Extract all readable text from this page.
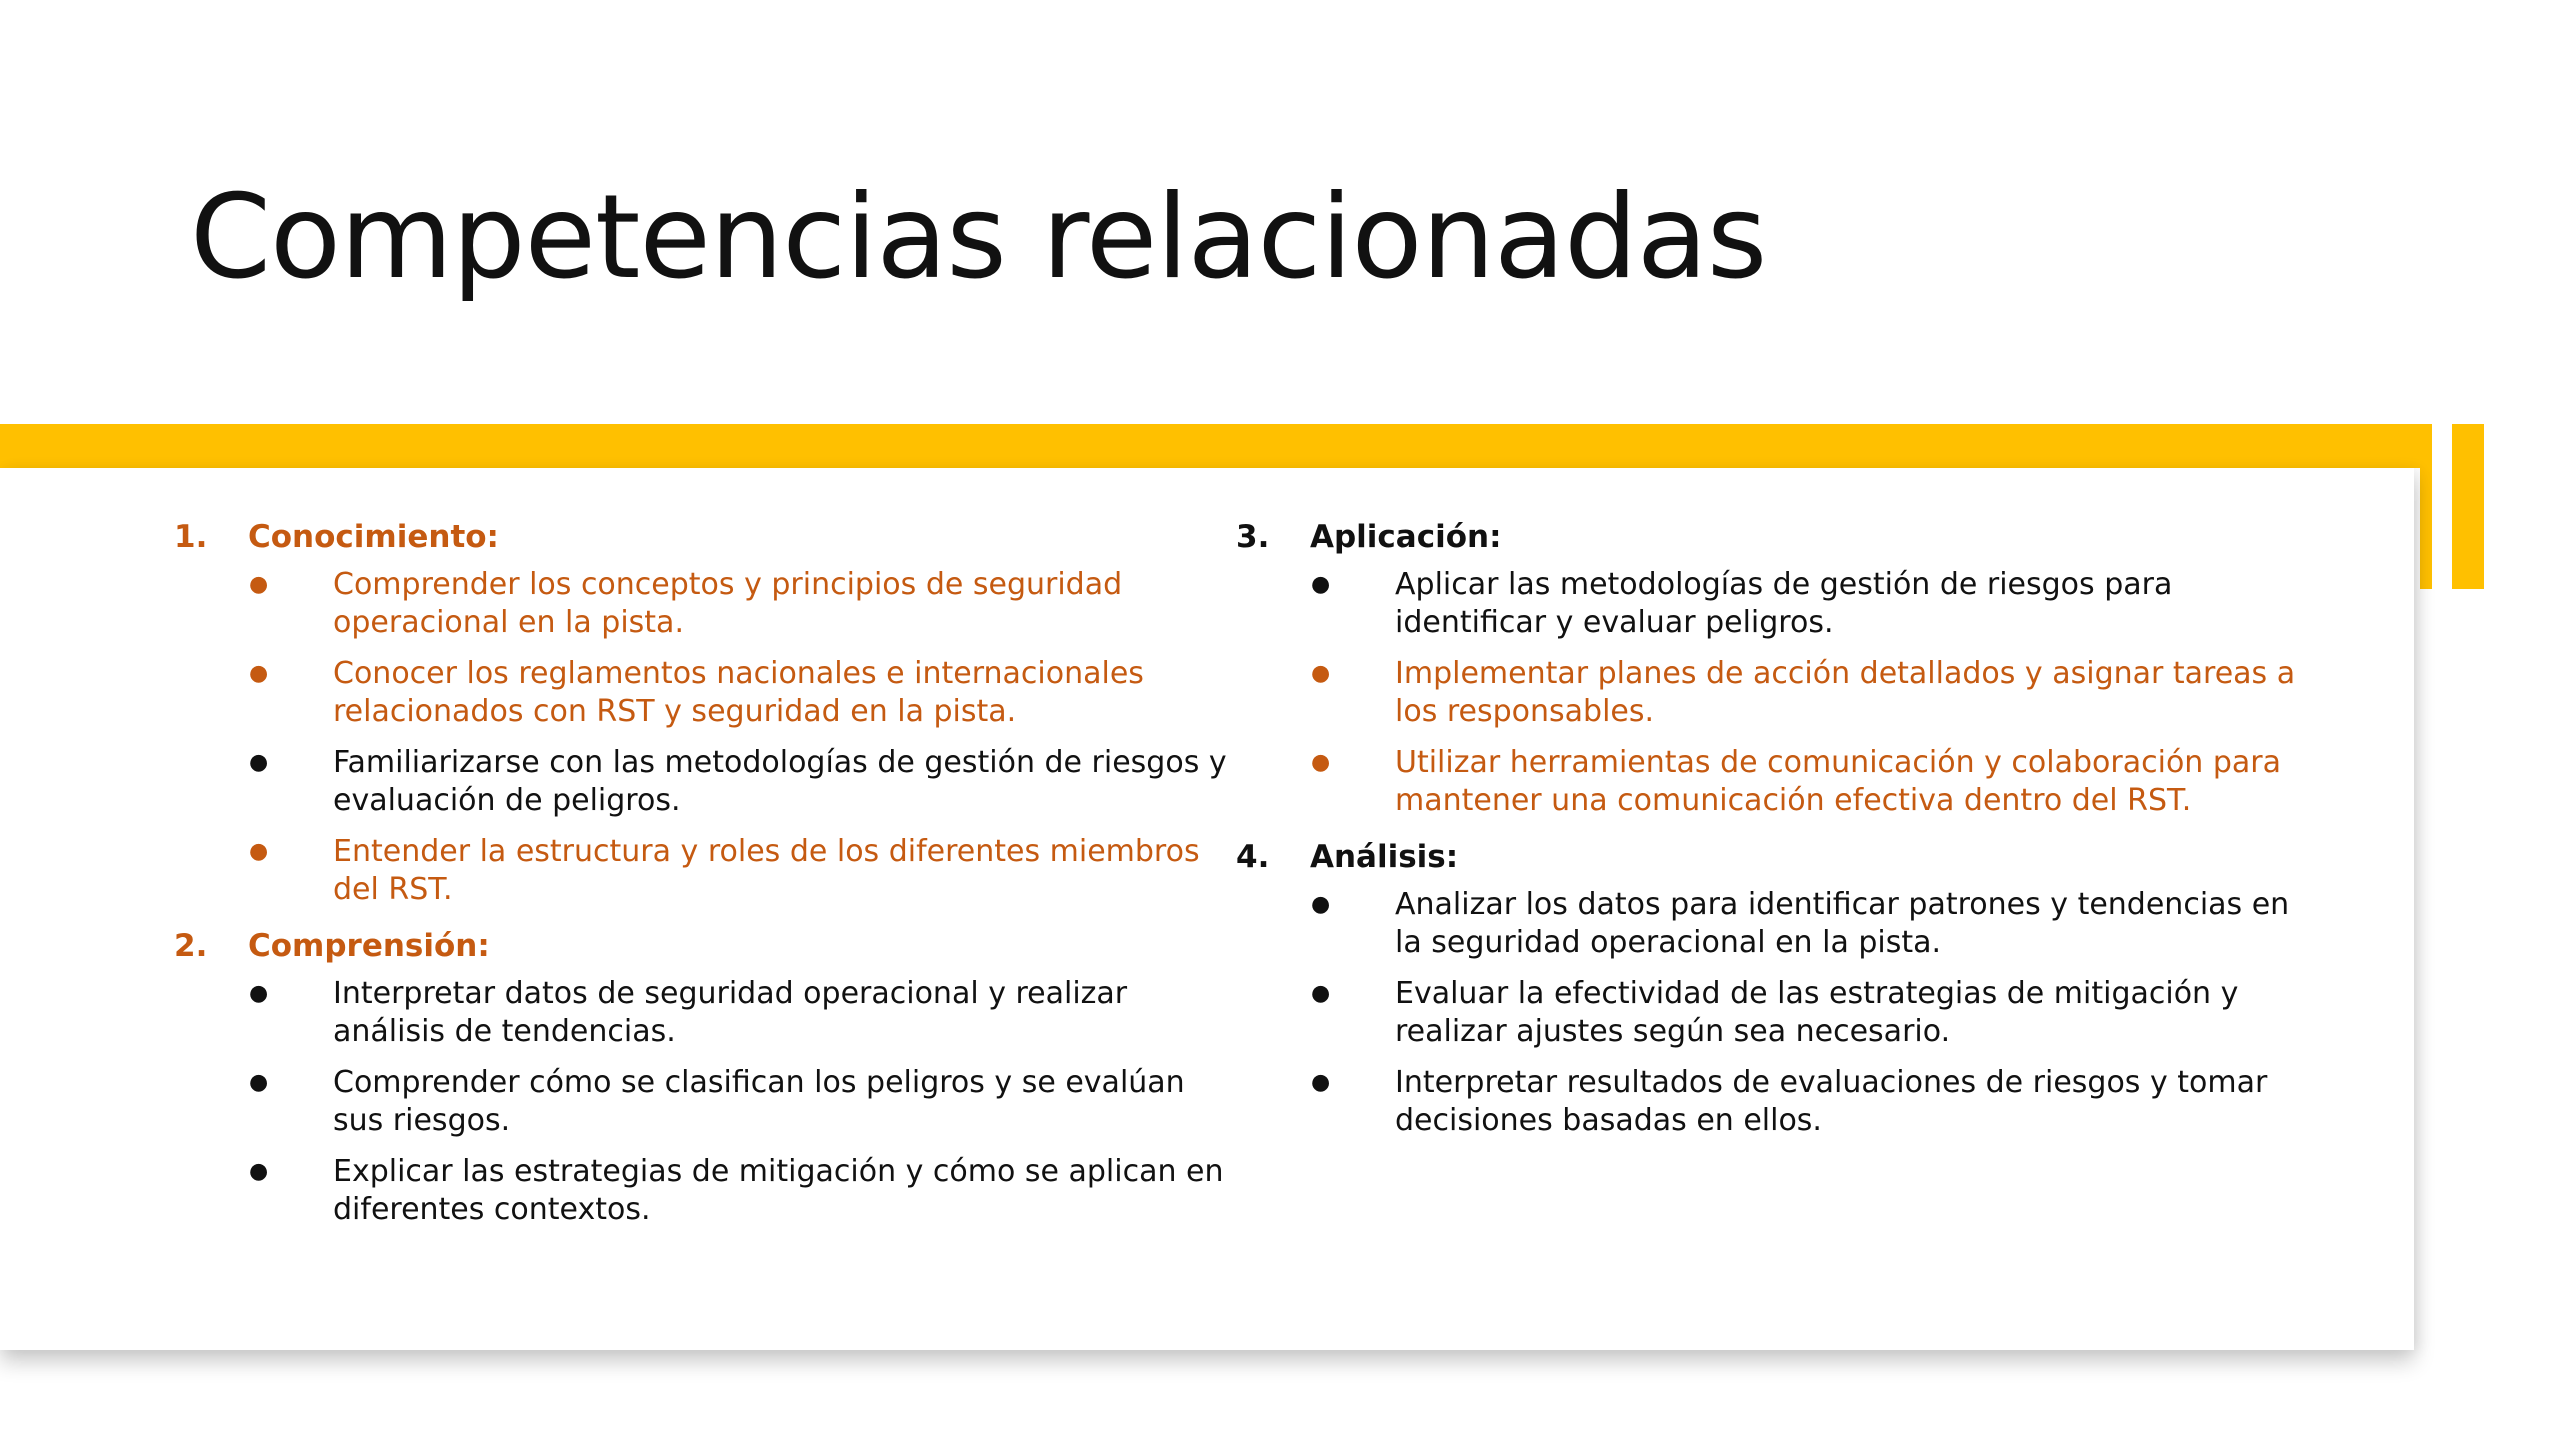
Competencias relacionadas
1.	Conocimiento:
●	Comprender los conceptos y principios de seguridad operacional en la pista.
●	Conocer los reglamentos nacionales e internacionales relacionados con RST y seguridad en la pista.
●	Familiarizarse con las metodologías de gestión de riesgos y evaluación de peligros.
●	Entender la estructura y roles de los diferentes miembros del RST.
2.	Comprensión:
●	Interpretar datos de seguridad operacional y realizar análisis de tendencias.
●	Comprender cómo se clasifican los peligros y se evalúan sus riesgos.
●	Explicar las estrategias de mitigación y cómo se aplican en diferentes contextos.
3.	Aplicación:
●	Aplicar las metodologías de gestión de riesgos para identificar y evaluar peligros.
●	Implementar planes de acción detallados y asignar tareas a los responsables.
●	Utilizar herramientas de comunicación y colaboración para mantener una comunicación efectiva dentro del RST.
4.	Análisis:
●	Analizar los datos para identificar patrones y tendencias en la seguridad operacional en la pista.
●	Evaluar la efectividad de las estrategias de mitigación y realizar ajustes según sea necesario.
●	Interpretar resultados de evaluaciones de riesgos y tomar decisiones basadas en ellos.
